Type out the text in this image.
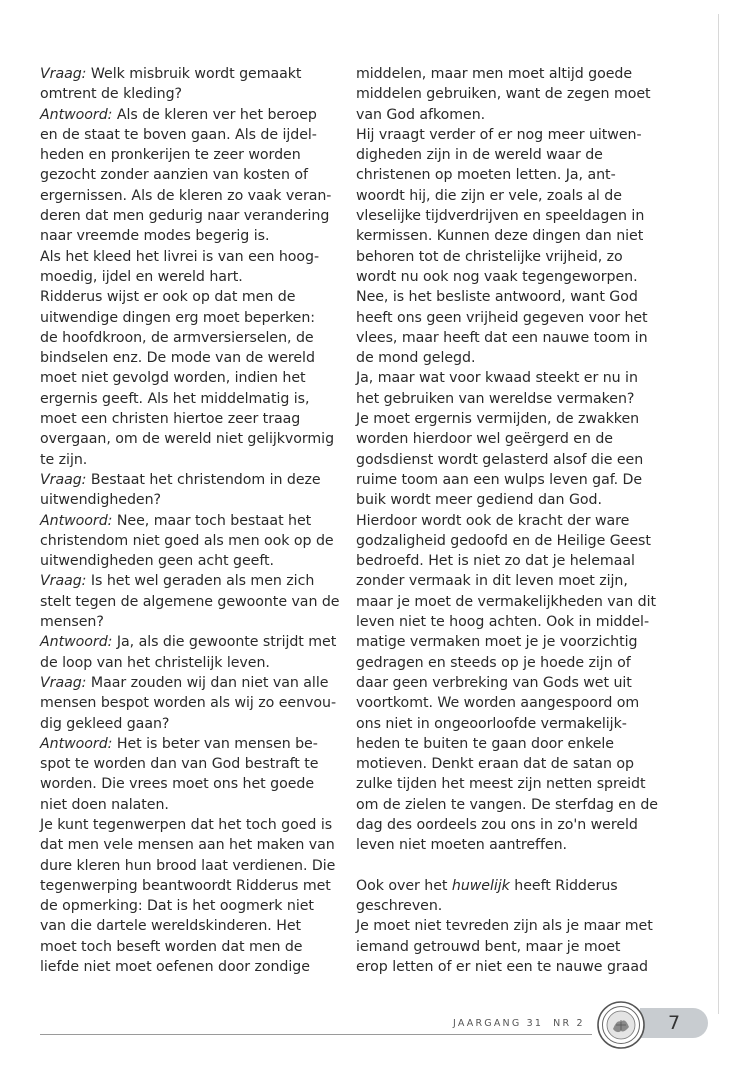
Vraag: Welk misbruik wordt gemaakt
omtrent de kleding?
Antwoord: Als de kleren ver het beroep
en de staat te boven gaan. Als de ijdel-
heden en pronkerijen te zeer worden
gezocht zonder aanzien van kosten of
ergernissen. Als de kleren zo vaak veran-
deren dat men gedurig naar verandering
naar vreemde modes begerig is.
Als het kleed het livrei is van een hoog-
moedig, ijdel en wereld hart.
Ridderus wijst er ook op dat men de
uitwendige dingen erg moet beperken:
de hoofdkroon, de armversierselen, de
bindselen enz. De mode van de wereld
moet niet gevolgd worden, indien het
ergernis geeft. Als het middelmatig is,
moet een christen hiertoe zeer traag
overgaan, om de wereld niet gelijkvormig
te zijn.
Vraag: Bestaat het christendom in deze
uitwendigheden?
Antwoord: Nee, maar toch bestaat het
christendom niet goed als men ook op de
uitwendigheden geen acht geeft.
Vraag: Is het wel geraden als men zich
stelt tegen de algemene gewoonte van de
mensen?
Antwoord: Ja, als die gewoonte strijdt met
de loop van het christelijk leven.
Vraag: Maar zouden wij dan niet van alle
mensen bespot worden als wij zo eenvou-
dig gekleed gaan?
Antwoord: Het is beter van mensen be-
spot te worden dan van God bestraft te
worden. Die vrees moet ons het goede
niet doen nalaten.
Je kunt tegenwerpen dat het toch goed is
dat men vele mensen aan het maken van
dure kleren hun brood laat verdienen. Die
tegenwerping beantwoordt Ridderus met
de opmerking: Dat is het oogmerk niet
van die dartele wereldskinderen. Het
moet toch beseft worden dat men de
liefde niet moet oefenen door zondige
middelen, maar men moet altijd goede
middelen gebruiken, want de zegen moet
van God afkomen.
Hij vraagt verder of er nog meer uitwen-
digheden zijn in de wereld waar de
christenen op moeten letten. Ja, ant-
woordt hij, die zijn er vele, zoals al de
vleselijke tijdverdrijven en speeldagen in
kermissen. Kunnen deze dingen dan niet
behoren tot de christelijke vrijheid, zo
wordt nu ook nog vaak tegengeworpen.
Nee, is het besliste antwoord, want God
heeft ons geen vrijheid gegeven voor het
vlees, maar heeft dat een nauwe toom in
de mond gelegd.
Ja, maar wat voor kwaad steekt er nu in
het gebruiken van wereldse vermaken?
Je moet ergernis vermijden, de zwakken
worden hierdoor wel geërgerd en de
godsdienst wordt gelasterd alsof die een
ruime toom aan een wulps leven gaf. De
buik wordt meer gediend dan God.
Hierdoor wordt ook de kracht der ware
godzaligheid gedoofd en de Heilige Geest
bedroefd. Het is niet zo dat je helemaal
zonder vermaak in dit leven moet zijn,
maar je moet de vermakelijkheden van dit
leven niet te hoog achten. Ook in middel-
matige vermaken moet je je voorzichtig
gedragen en steeds op je hoede zijn of
daar geen verbreking van Gods wet uit
voortkomt. We worden aangespoord om
ons niet in ongeoorloofde vermakelijk-
heden te buiten te gaan door enkele
motieven. Denkt eraan dat de satan op
zulke tijden het meest zijn netten spreidt
om de zielen te vangen. De sterfdag en de
dag des oordeels zou ons in zo'n wereld
leven niet moeten aantreffen.
Ook over het huwelijk heeft Ridderus
geschreven.
Je moet niet tevreden zijn als je maar met
iemand getrouwd bent, maar je moet
erop letten of er niet een te nauwe graad
JAARGANG 31 NR 2	7
